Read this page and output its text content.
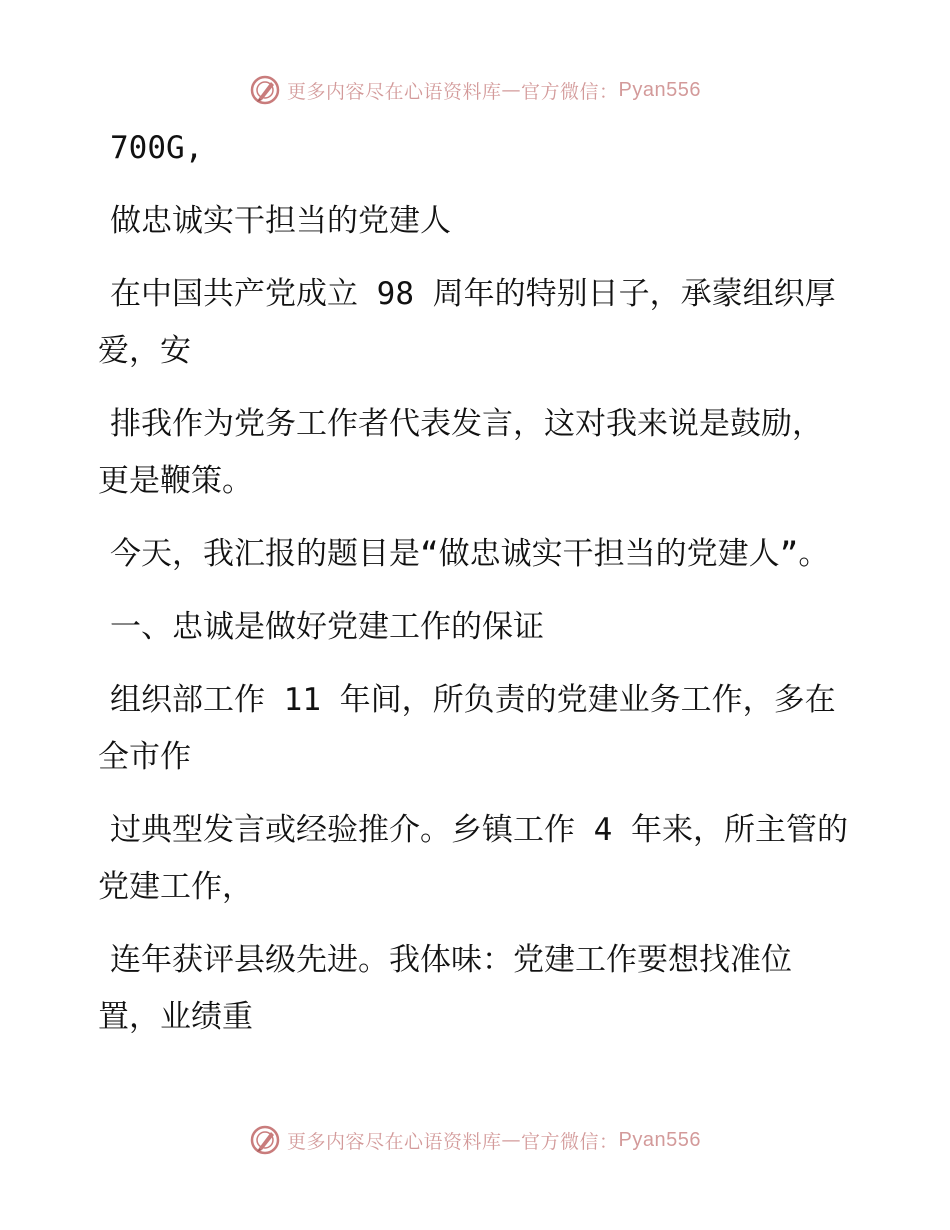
更多内容尽在心语资料库 — 官方微信： Pyan556

700G,

做忠诚实干担当的党建人

在中国共产党成立 98 周年的特别日子，承蒙组织厚爱，安

排我作为党务工作者代表发言，这对我来说是鼓励，更是鞭策。

今天，我汇报的题目是“做忠诚实干担当的党建人”。

一、忠诚是做好党建工作的保证

组织部工作 11 年间，所负责的党建业务工作，多在全市作

过典型发言或经验推介。乡镇工作 4 年来，所主管的党建工作，

连年获评县级先进。我体味：党建工作要想找准位置，业绩重

更多内容尽在心语资料库 — 官方微信： Pyan556
